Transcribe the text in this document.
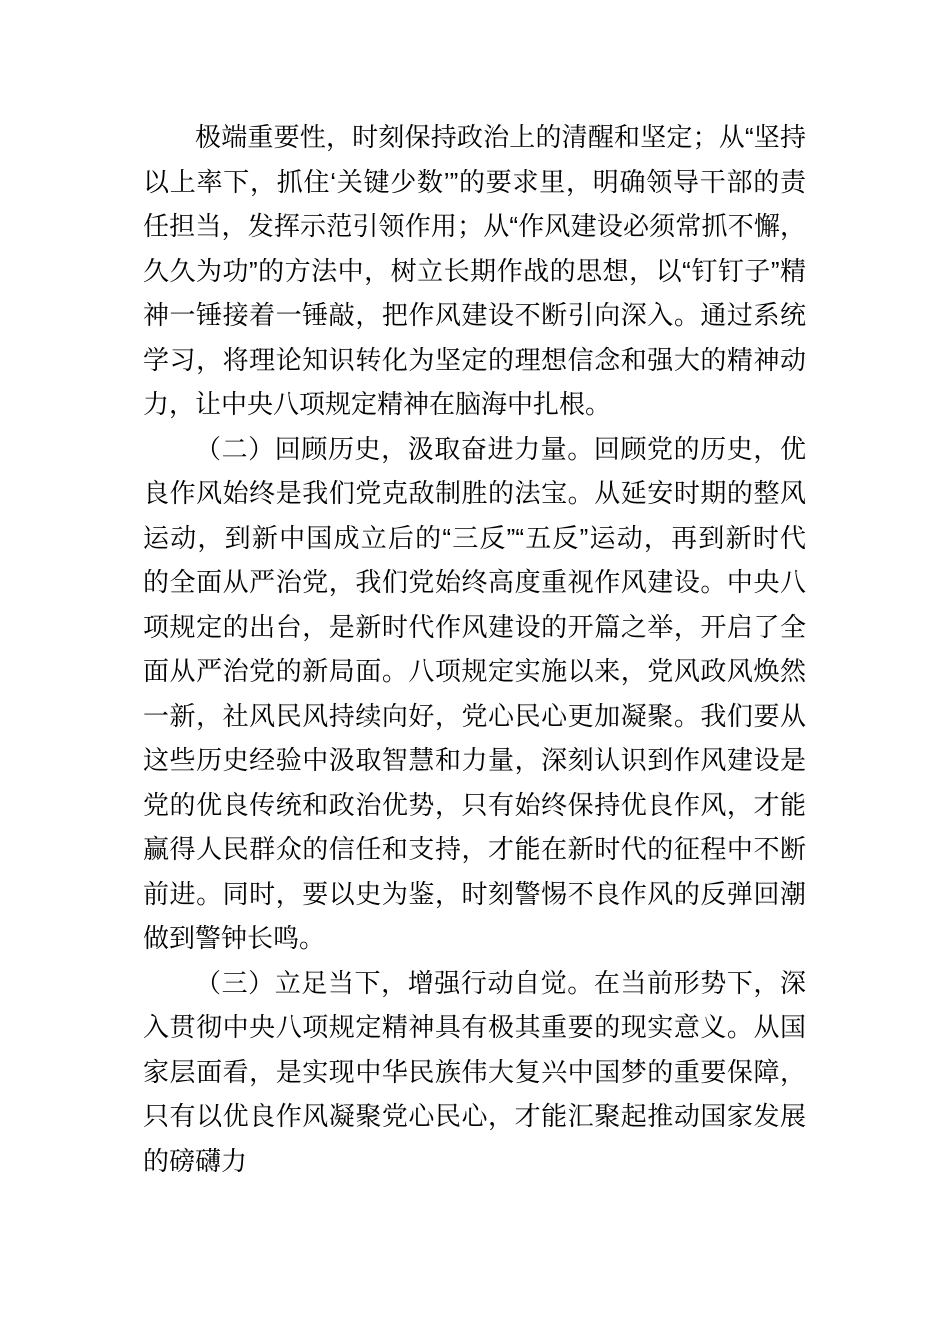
极端重要性，时刻保持政治上的清醒和坚定；从“坚持
以上率下，抓住‘关键少数’”的要求里，明确领导干部的责
任担当，发挥示范引领作用；从“作风建设必须常抓不懈，
久久为功”的方法中，树立长期作战的思想，以“钉钉子”精
神一锤接着一锤敲，把作风建设不断引向深入。通过系统
学习，将理论知识转化为坚定的理想信念和强大的精神动
力，让中央八项规定精神在脑海中扎根。
（二）回顾历史，汲取奋进力量。回顾党的历史，优
良作风始终是我们党克敌制胜的法宝。从延安时期的整风
运动，到新中国成立后的“三反”“五反”运动，再到新时代
的全面从严治党，我们党始终高度重视作风建设。中央八
项规定的出台，是新时代作风建设的开篇之举，开启了全
面从严治党的新局面。八项规定实施以来，党风政风焕然
一新，社风民风持续向好，党心民心更加凝聚。我们要从
这些历史经验中汲取智慧和力量，深刻认识到作风建设是
党的优良传统和政治优势，只有始终保持优良作风，才能
赢得人民群众的信任和支持，才能在新时代的征程中不断
前进。同时，要以史为鉴，时刻警惕不良作风的反弹回潮
做到警钟长鸣。
（三）立足当下，增强行动自觉。在当前形势下，深
入贯彻中央八项规定精神具有极其重要的现实意义。从国
家层面看，是实现中华民族伟大复兴中国梦的重要保障，
只有以优良作风凝聚党心民心，才能汇聚起推动国家发展
的磅礴力
